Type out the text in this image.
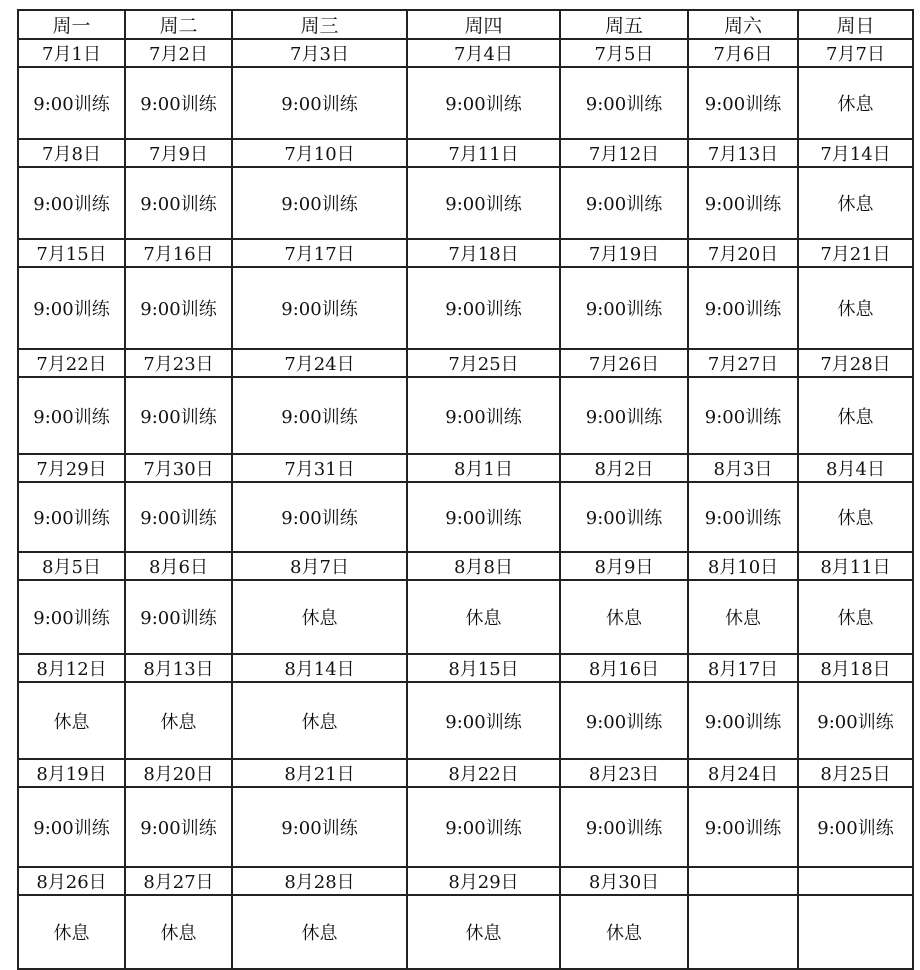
周一	周二	周三	周四	周五	周六	周日
7月1日	7月2日	7月3日	7月4日	7月5日	7月6日	7月7日
9:00训练	9:00训练	9:00训练	9:00训练	9:00训练	9:00训练	休息
7月8日	7月9日	7月10日	7月11日	7月12日	7月13日	7月14日
9:00训练	9:00训练	9:00训练	9:00训练	9:00训练	9:00训练	休息
7月15日	7月16日	7月17日	7月18日	7月19日	7月20日	7月21日
9:00训练	9:00训练	9:00训练	9:00训练	9:00训练	9:00训练	休息
7月22日	7月23日	7月24日	7月25日	7月26日	7月27日	7月28日
9:00训练	9:00训练	9:00训练	9:00训练	9:00训练	9:00训练	休息
7月29日	7月30日	7月31日	8月1日	8月2日	8月3日	8月4日
9:00训练	9:00训练	9:00训练	9:00训练	9:00训练	9:00训练	休息
8月5日	8月6日	8月7日	8月8日	8月9日	8月10日	8月11日
9:00训练	9:00训练	休息	休息	休息	休息	休息
8月12日	8月13日	8月14日	8月15日	8月16日	8月17日	8月18日
休息	休息	休息	9:00训练	9:00训练	9:00训练	9:00训练
8月19日	8月20日	8月21日	8月22日	8月23日	8月24日	8月25日
9:00训练	9:00训练	9:00训练	9:00训练	9:00训练	9:00训练	9:00训练
8月26日	8月27日	8月28日	8月29日	8月30日		
休息	休息	休息	休息	休息		
